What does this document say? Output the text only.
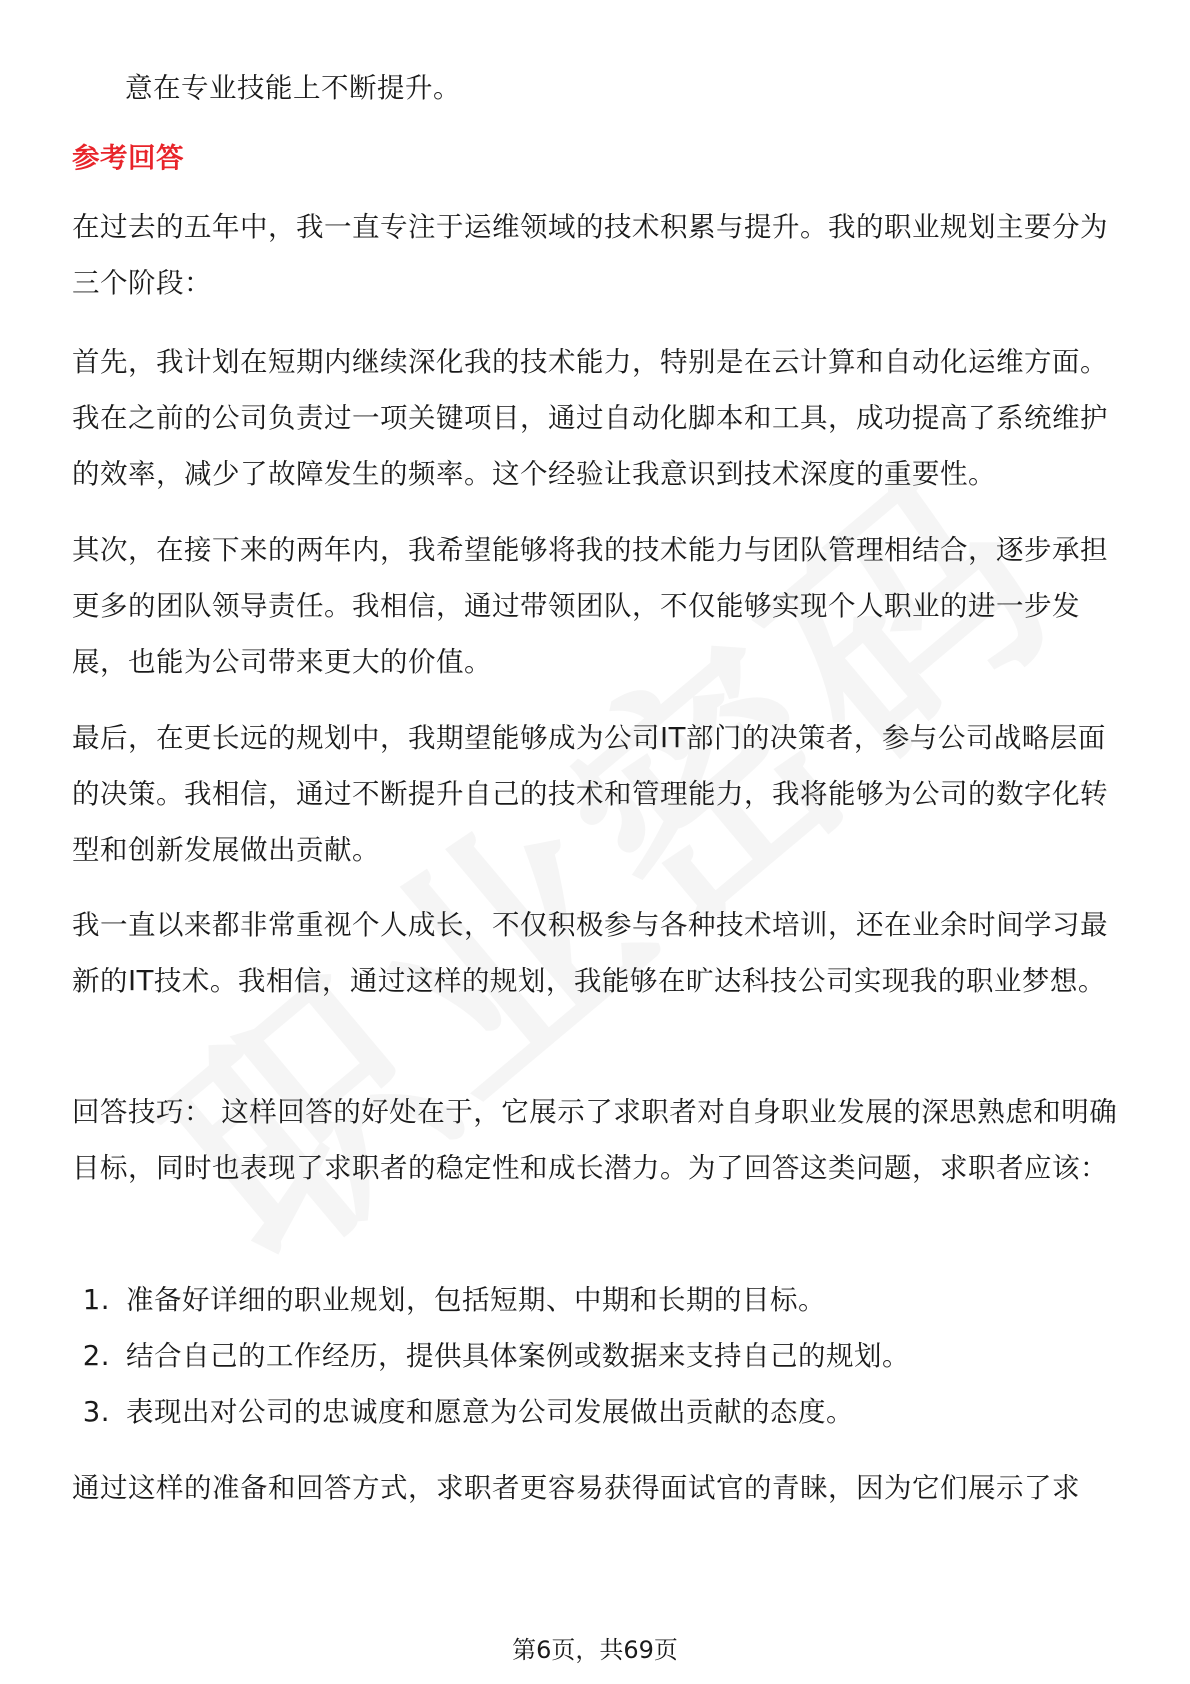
意在专业技能上不断提升。

参考回答

在过去的五年中，我一直专注于运维领域的技术积累与提升。我的职业规划主要分为三个阶段：

首先，我计划在短期内继续深化我的技术能力，特别是在云计算和自动化运维方面。我在之前的公司负责过一项关键项目，通过自动化脚本和工具，成功提高了系统维护的效率，减少了故障发生的频率。这个经验让我意识到技术深度的重要性。

其次，在接下来的两年内，我希望能够将我的技术能力与团队管理相结合，逐步承担更多的团队领导责任。我相信，通过带领团队，不仅能够实现个人职业的进一步发展，也能为公司带来更大的价值。

最后，在更长远的规划中，我期望能够成为公司IT部门的决策者，参与公司战略层面的决策。我相信，通过不断提升自己的技术和管理能力，我将能够为公司的数字化转型和创新发展做出贡献。

我一直以来都非常重视个人成长，不仅积极参与各种技术培训，还在业余时间学习最新的IT技术。我相信，通过这样的规划，我能够在旷达科技公司实现我的职业梦想。

回答技巧： 这样回答的好处在于，它展示了求职者对自身职业发展的深思熟虑和明确目标，同时也表现了求职者的稳定性和成长潜力。为了回答这类问题，求职者应该：

1. 准备好详细的职业规划，包括短期、中期和长期的目标。
2. 结合自己的工作经历，提供具体案例或数据来支持自己的规划。
3. 表现出对公司的忠诚度和愿意为公司发展做出贡献的态度。

通过这样的准备和回答方式，求职者更容易获得面试官的青睐，因为它们展示了求

第6页，共69页
